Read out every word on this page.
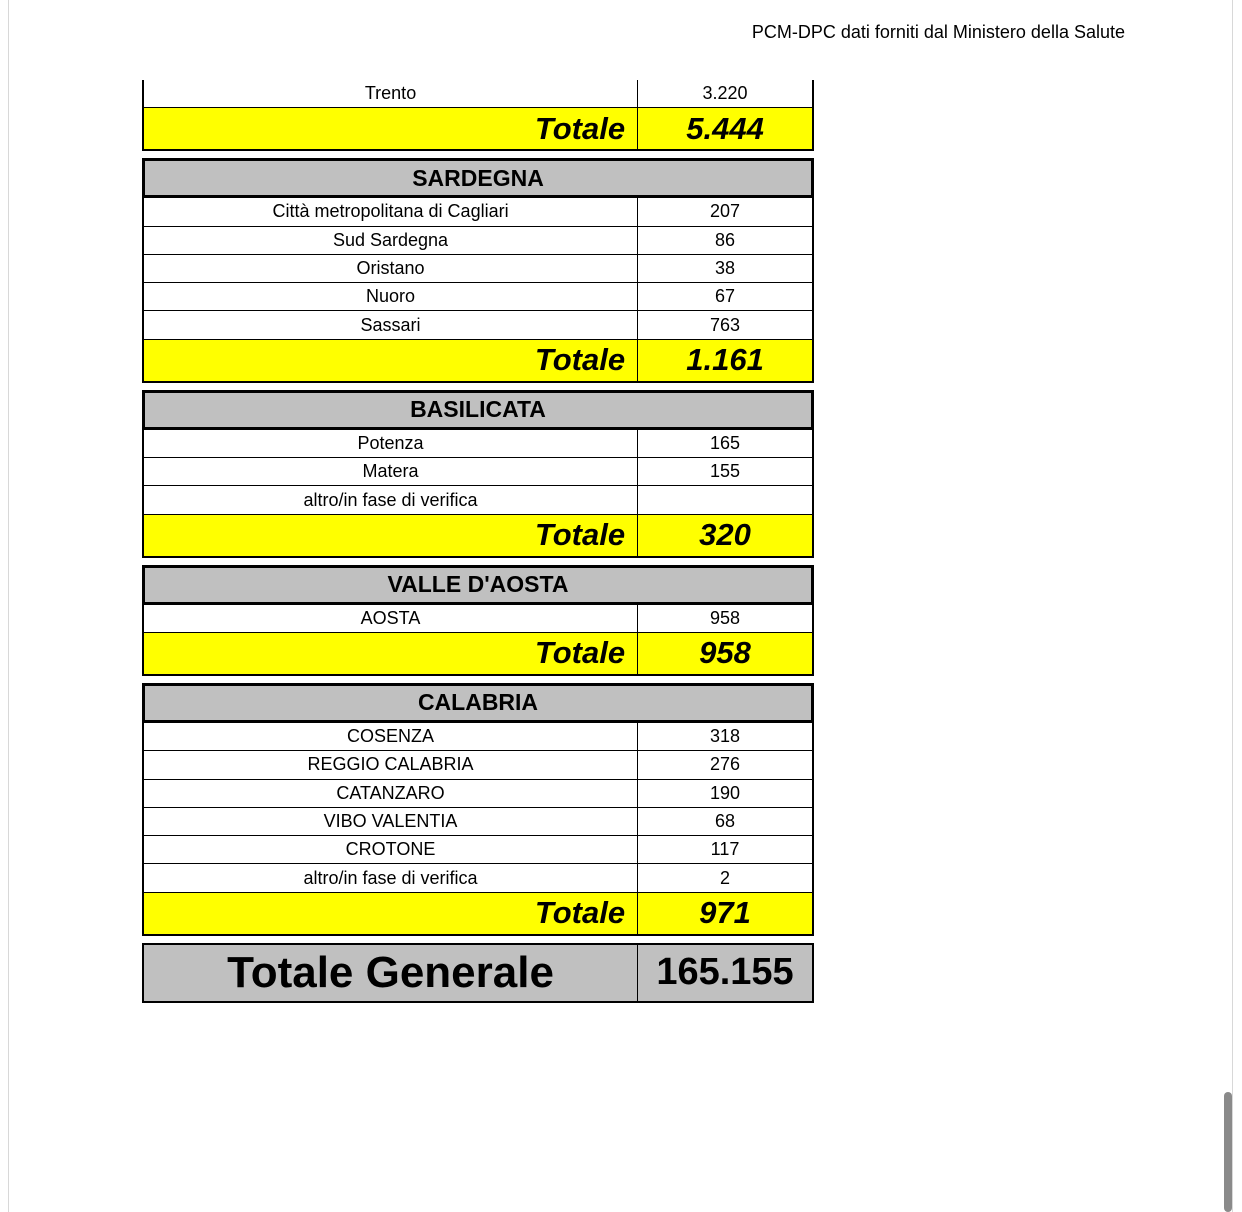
PCM-DPC dati forniti dal Ministero della Salute
Trento	3.220
Totale	5.444
SARDEGNA
Città metropolitana di Cagliari	207
Sud Sardegna	86
Oristano	38
Nuoro	67
Sassari	763
Totale	1.161
BASILICATA
Potenza	165
Matera	155
altro/in fase di verifica
Totale	320
VALLE D'AOSTA
AOSTA	958
Totale	958
CALABRIA
COSENZA	318
REGGIO CALABRIA	276
CATANZARO	190
VIBO VALENTIA	68
CROTONE	117
altro/in fase di verifica	2
Totale	971
Totale Generale	165.155
